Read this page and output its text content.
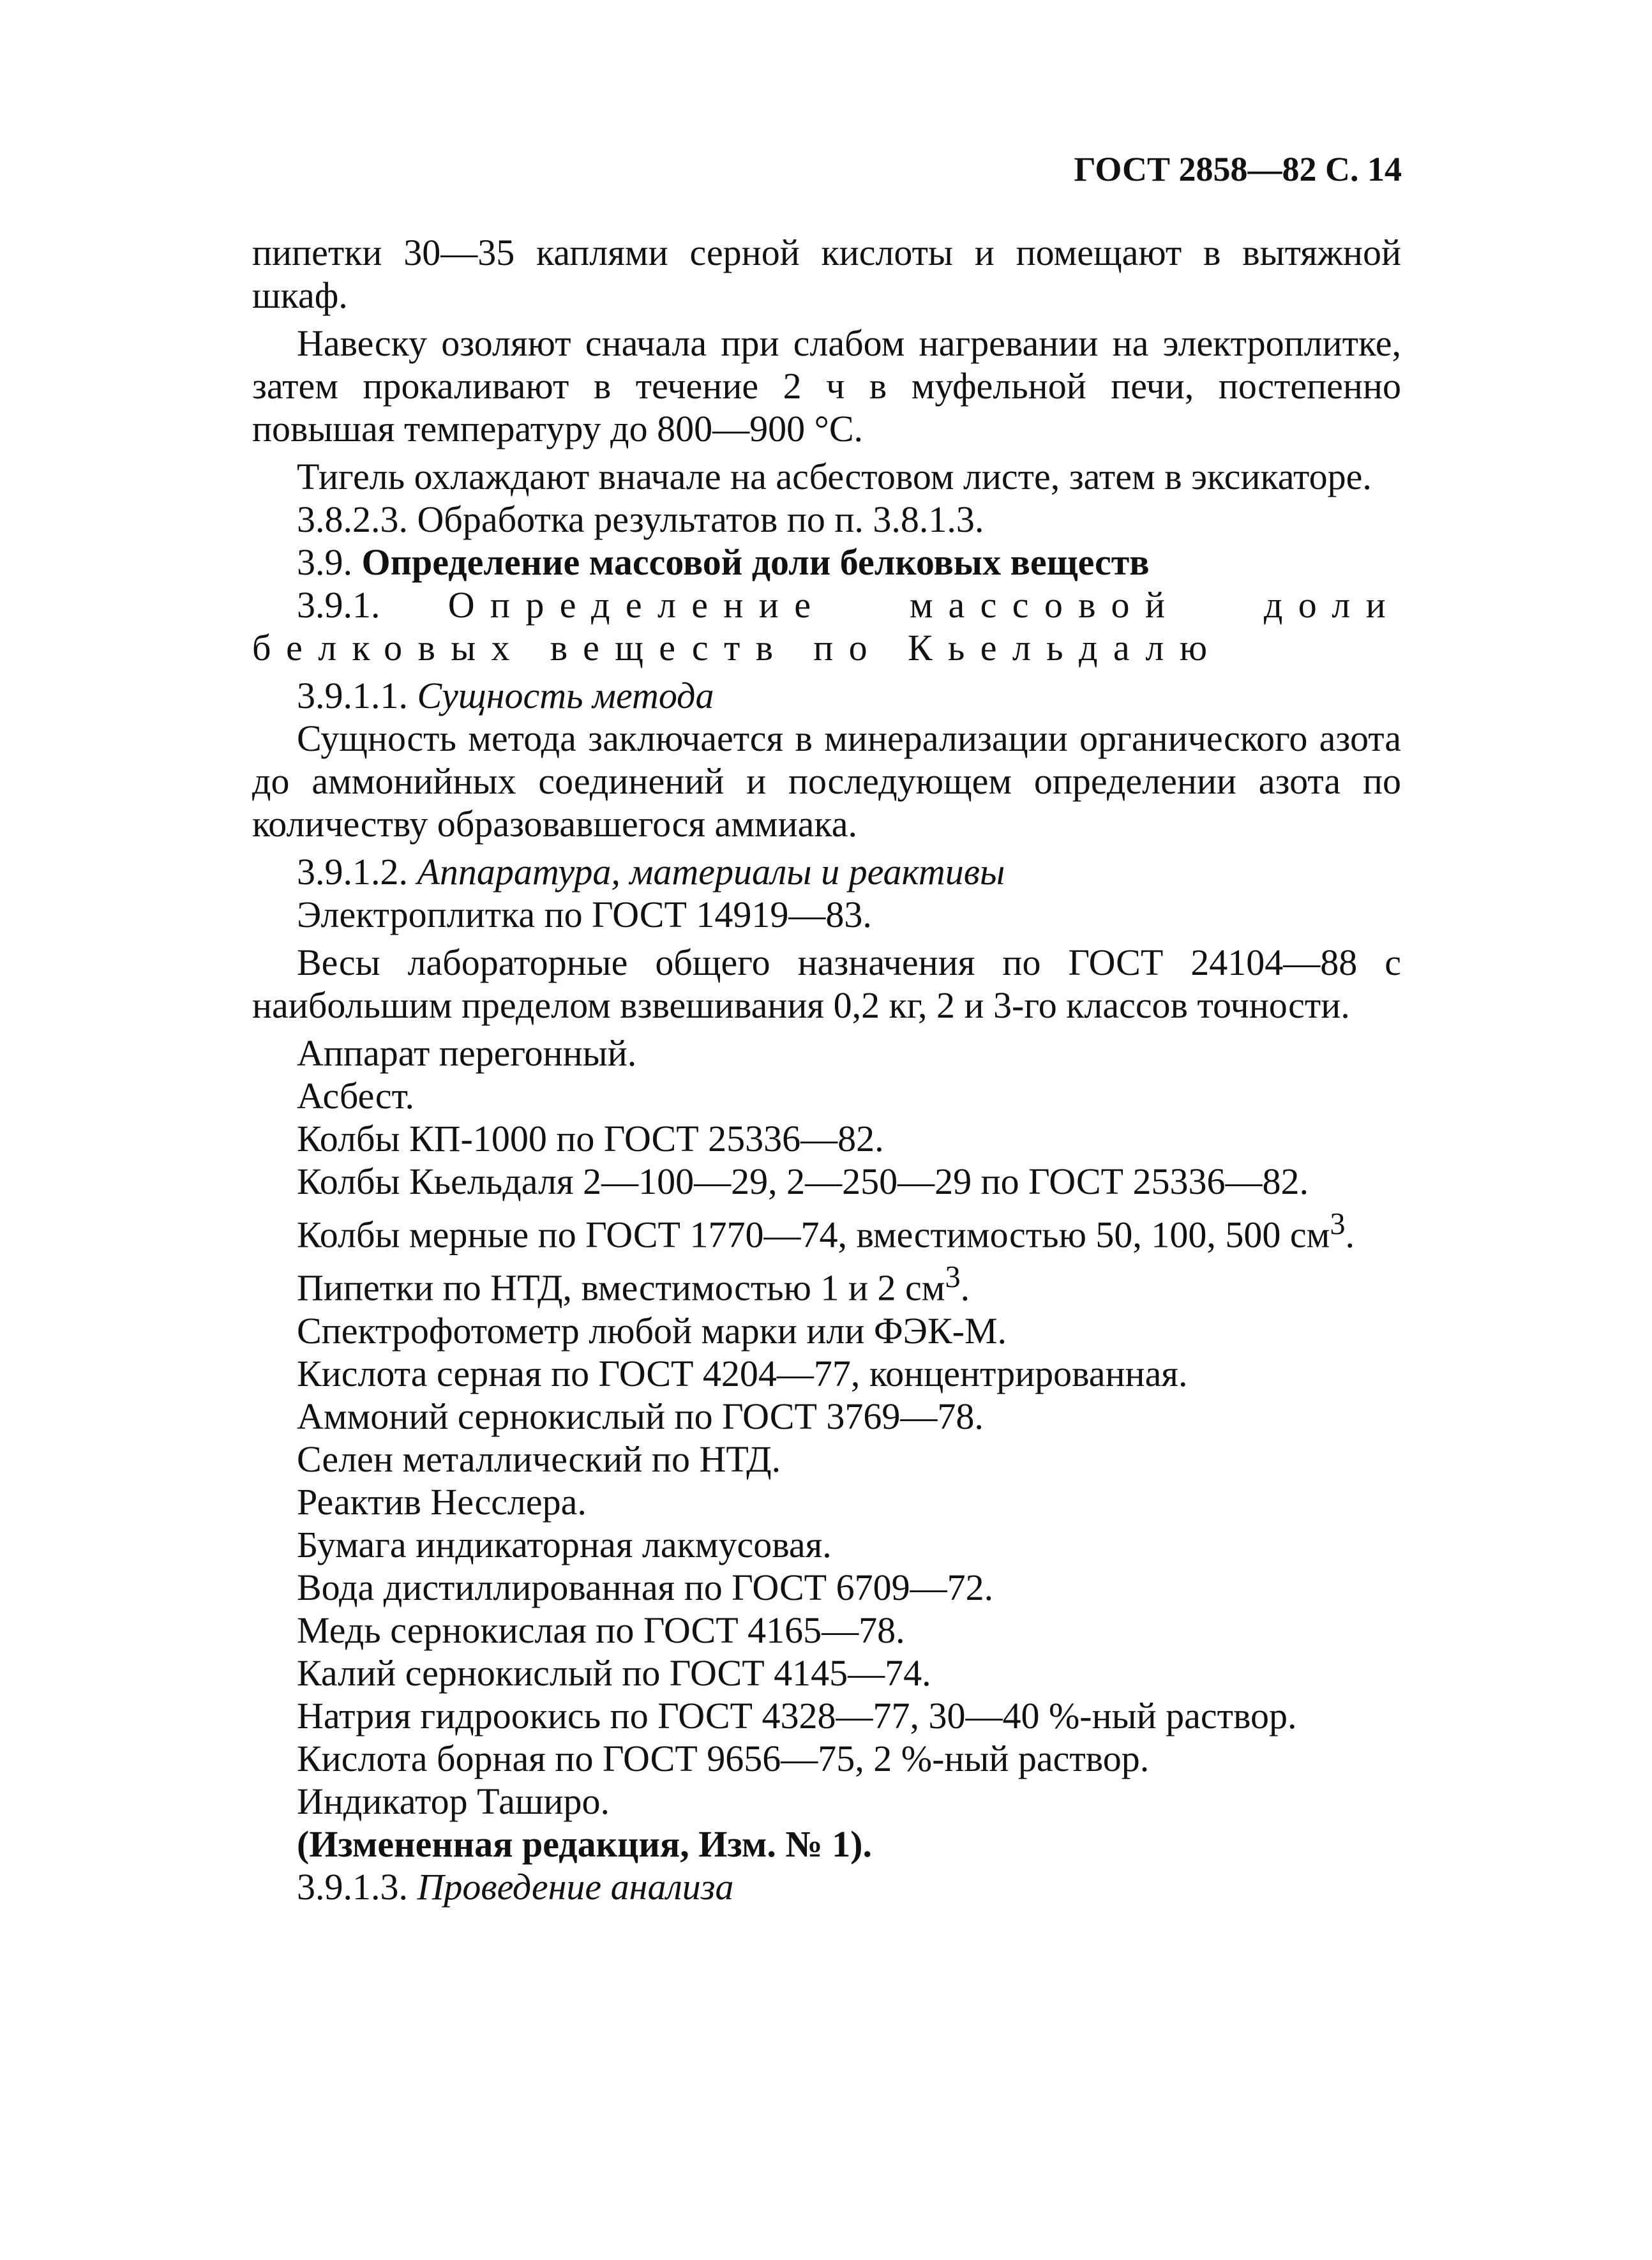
ГОСТ 2858—82 С. 14

пипетки 30—35 каплями серной кислоты и помещают в вытяжной шкаф.

Навеску озоляют сначала при слабом нагревании на электроплитке, затем прокаливают в течение 2 ч в муфельной печи, постепенно повышая температуру до 800—900 °С.

Тигель охлаждают вначале на асбестовом листе, затем в эксикаторе.

3.8.2.3. Обработка результатов по п. 3.8.1.3.

3.9. Определение массовой доли белковых веществ

3.9.1. Определение массовой доли белковых веществ по Кьельдалю

3.9.1.1. Сущность метода

Сущность метода заключается в минерализации органического азота до аммонийных соединений и последующем определении азота по количеству образовавшегося аммиака.

3.9.1.2. Аппаратура, материалы и реактивы

Электроплитка по ГОСТ 14919—83.

Весы лабораторные общего назначения по ГОСТ 24104—88 с наибольшим пределом взвешивания 0,2 кг, 2 и 3-го классов точности.

Аппарат перегонный.

Асбест.

Колбы КП-1000 по ГОСТ 25336—82.

Колбы Кьельдаля 2—100—29, 2—250—29 по ГОСТ 25336—82.

Колбы мерные по ГОСТ 1770—74, вместимостью 50, 100, 500 $см^3$.

Пипетки по НТД, вместимостью 1 и 2 $см^3$.

Спектрофотометр любой марки или ФЭК-М.

Кислота серная по ГОСТ 4204—77, концентрированная.

Аммоний сернокислый по ГОСТ 3769—78.

Селен металлический по НТД.

Реактив Несслера.

Бумага индикаторная лакмусовая.

Вода дистиллированная по ГОСТ 6709—72.

Медь сернокислая по ГОСТ 4165—78.

Калий сернокислый по ГОСТ 4145—74.

Натрия гидроокись по ГОСТ 4328—77, 30—40 %-ный раствор.

Кислота борная по ГОСТ 9656—75, 2 %-ный раствор.

Индикатор Таширо.

(Измененная редакция, Изм. № 1).

3.9.1.3. Проведение анализа
